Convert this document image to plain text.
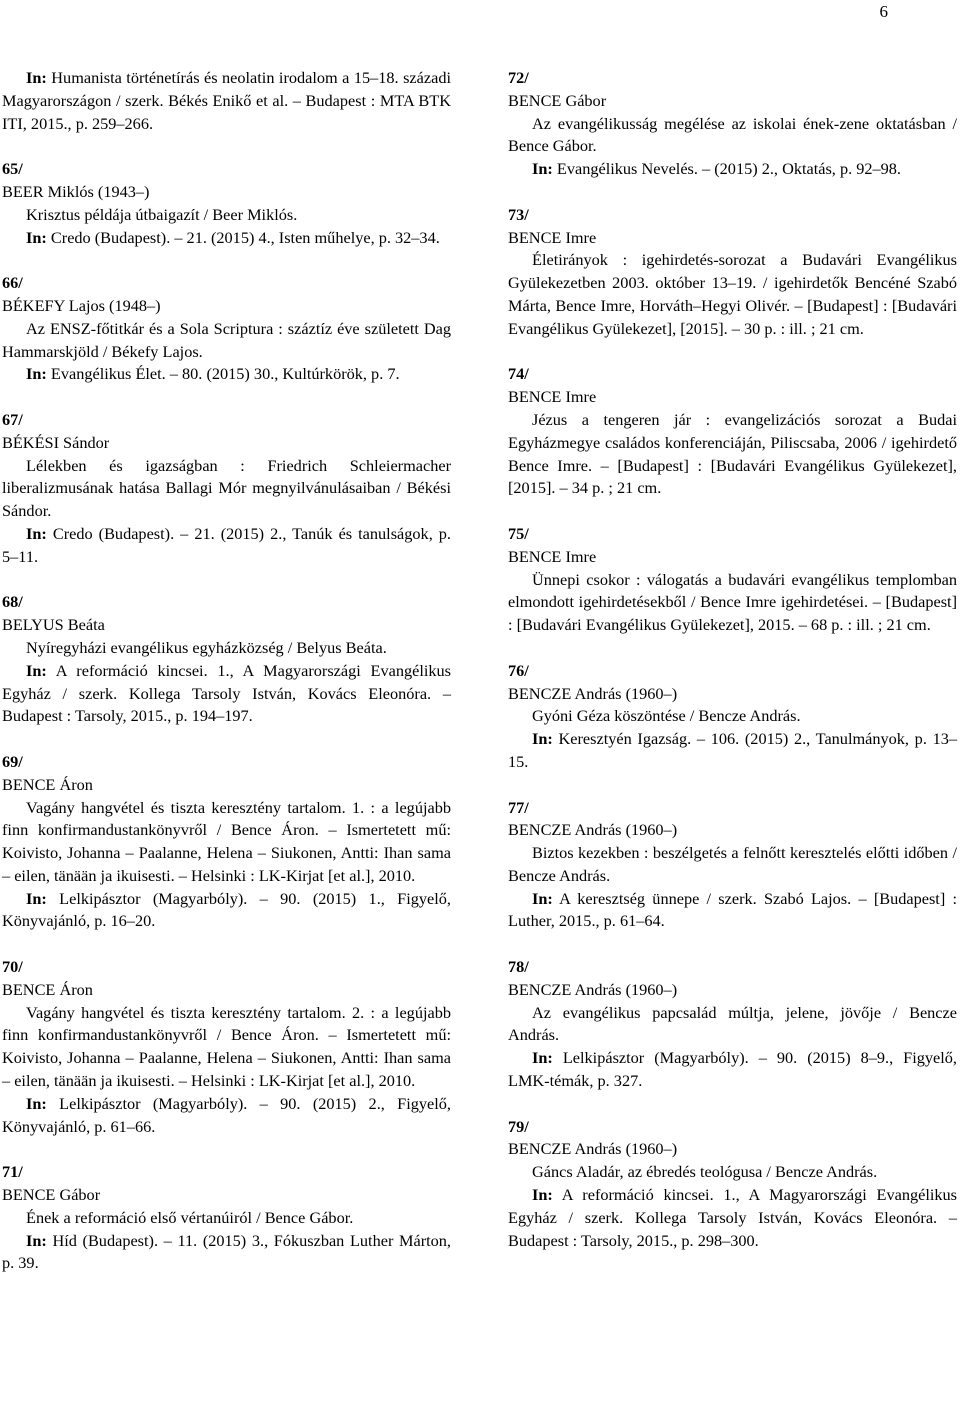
6
In: Humanista történetírás és neolatin irodalom a 15–18. századi Magyarországon / szerk. Békés Enikő et al. – Budapest : MTA BTK ITI, 2015., p. 259–266.
65/
BEER Miklós (1943–)
Krisztus példája útbaigazít / Beer Miklós.
In: Credo (Budapest). – 21. (2015) 4., Isten műhelye, p. 32–34.
66/
BÉKEFY Lajos (1948–)
Az ENSZ-főtitkár és a Sola Scriptura : száztíz éve született Dag Hammarskjöld / Békefy Lajos.
In: Evangélikus Élet. – 80. (2015) 30., Kultúrkörök, p. 7.
67/
BÉKÉSI Sándor
Lélekben és igazságban : Friedrich Schleiermacher liberalizmusának hatása Ballagi Mór megnyilvánulásaiban / Békési Sándor.
In: Credo (Budapest). – 21. (2015) 2., Tanúk és tanulságok, p. 5–11.
68/
BELYUS Beáta
Nyíregyházi evangélikus egyházközség / Belyus Beáta.
In: A reformáció kincsei. 1., A Magyarországi Evangélikus Egyház / szerk. Kollega Tarsoly István, Kovács Eleonóra. – Budapest : Tarsoly, 2015., p. 194–197.
69/
BENCE Áron
Vagány hangvétel és tiszta keresztény tartalom. 1. : a legújabb finn konfirmandustankönyvről / Bence Áron. – Ismertetett mű: Koivisto, Johanna – Paalanne, Helena – Siukonen, Antti: Ihan sama – eilen, tänään ja ikuisesti. – Helsinki : LK-Kirjat [et al.], 2010.
In: Lelkipásztor (Magyarbóly). – 90. (2015) 1., Figyelő, Könyvajánló, p. 16–20.
70/
BENCE Áron
Vagány hangvétel és tiszta keresztény tartalom. 2. : a legújabb finn konfirmandustankönyvről / Bence Áron. – Ismertetett mű: Koivisto, Johanna – Paalanne, Helena – Siukonen, Antti: Ihan sama – eilen, tänään ja ikuisesti. – Helsinki : LK-Kirjat [et al.], 2010.
In: Lelkipásztor (Magyarbóly). – 90. (2015) 2., Figyelő, Könyvajánló, p. 61–66.
71/
BENCE Gábor
Ének a reformáció első vértanúiról / Bence Gábor.
In: Híd (Budapest). – 11. (2015) 3., Fókuszban Luther Márton, p. 39.
72/
BENCE Gábor
Az evangélikusság megélése az iskolai ének-zene oktatásban / Bence Gábor.
In: Evangélikus Nevelés. – (2015) 2., Oktatás, p. 92–98.
73/
BENCE Imre
Életirányok : igehirdetés-sorozat a Budavári Evangélikus Gyülekezetben 2003. október 13–19. / igehirdetők Bencéné Szabó Márta, Bence Imre, Horváth–Hegyi Olivér. – [Budapest] : [Budavári Evangélikus Gyülekezet], [2015]. – 30 p. : ill. ; 21 cm.
74/
BENCE Imre
Jézus a tengeren jár : evangelizációs sorozat a Budai Egyházmegye családos konferenciáján, Piliscsaba, 2006 / igehirdető Bence Imre. – [Budapest] : [Budavári Evangélikus Gyülekezet], [2015]. – 34 p. ; 21 cm.
75/
BENCE Imre
Ünnepi csokor : válogatás a budavári evangélikus templomban elmondott igehirdetésekből / Bence Imre igehirdetései. – [Budapest] : [Budavári Evangélikus Gyülekezet], 2015. – 68 p. : ill. ; 21 cm.
76/
BENCZE András (1960–)
Gyóni Géza köszöntése / Bencze András.
In: Keresztyén Igazság. – 106. (2015) 2., Tanulmányok, p. 13–15.
77/
BENCZE András (1960–)
Biztos kezekben : beszélgetés a felnőtt keresztelés előtti időben / Bencze András.
In: A keresztség ünnepe / szerk. Szabó Lajos. – [Budapest] : Luther, 2015., p. 61–64.
78/
BENCZE András (1960–)
Az evangélikus papcsalád múltja, jelene, jövője / Bencze András.
In: Lelkipásztor (Magyarbóly). – 90. (2015) 8–9., Figyelő, LMK-témák, p. 327.
79/
BENCZE András (1960–)
Gáncs Aladár, az ébredés teológusa / Bencze András.
In: A reformáció kincsei. 1., A Magyarországi Evangélikus Egyház / szerk. Kollega Tarsoly István, Kovács Eleonóra. – Budapest : Tarsoly, 2015., p. 298–300.
